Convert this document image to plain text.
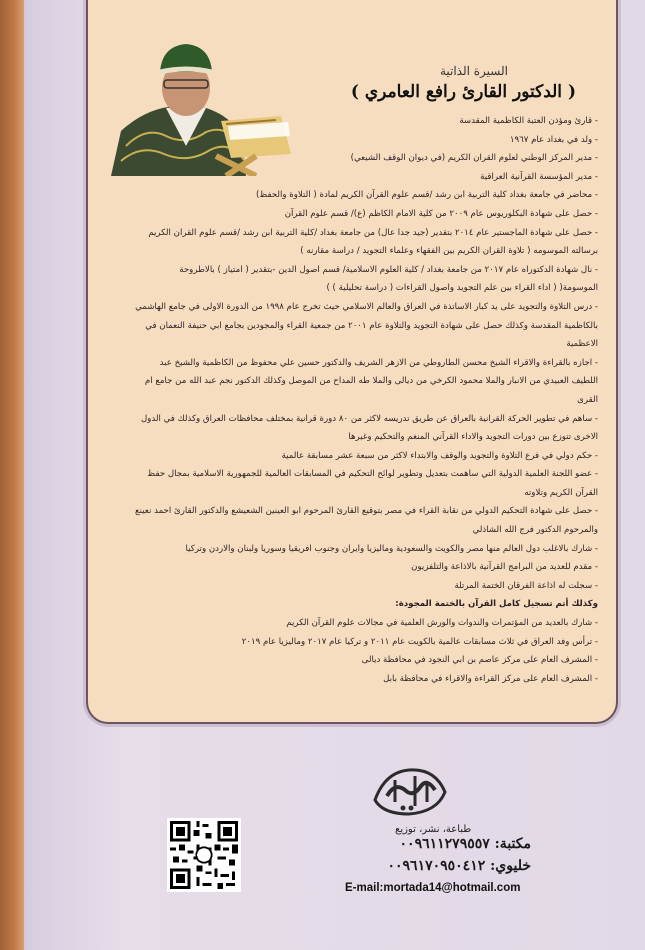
السيرة الذاتية
( الدكتور القارئ رافع العامري )
- قارئ ومؤذن العتبة الكاظمية المقدسة
- ولد في بغداد عام ١٩٦٧
- مدير المركز الوطني لعلوم القران الكريم (في ديوان الوقف الشيعي)
- مدير المؤسسة القرآنية العراقية
- محاضر في جامعة بغداد كلية التربية ابن رشد /قسم علوم القرآن الكريم لمادة ( التلاوة والحفظ)
- حصل على شهادة البكلوريوس عام ٢٠٠٩ من كلية الامام الكاظم (ع)/ قسم علوم القرآن
- حصل على شهادة الماجستير عام ٢٠١٤ بتقدير (جيد جدا عال) من جامعة بغداد /كلية التربية ابن رشد /قسم علوم القران الكريم
برسالته الموسومه ( تلاوة القران الكريم بين الفقهاء وعلماء التجويد / دراسة مقارنه )
- نال شهادة الدكتوراه عام ٢٠١٧ من جامعة بغداد / كلية العلوم الاسلامية/ قسم اصول الدين -بتقدير ( امتياز ) بالاطروحة
الموسومة( ( اداء القراء بين علم التجويد واصول القراءات ( دراسة تحليلية ) )
- درس التلاوة والتجويد على يد كبار الاساتذة في العراق والعالم الاسلامي حيث تخرج عام ١٩٩٨ من الدورة الاولى في جامع الهاشمي
بالكاظمية المقدسة وكذلك حصل على شهادة التجويد والتلاوة عام ٢٠٠١ من جمعية القراء والمجودين بجامع ابي حنيفة النعمان في
الاعظمية
- اجازه بالقراءة والاقراء الشيخ محسن الطاروطي من الازهر الشريف والدكتور حسين علي محفوظ من الكاظمية والشيخ عبد
اللطيف العبيدي من الانبار والملا محمود الكرخي من ديالى والملا طه المداح من الموصل وكذلك الدكتور نجم عبد الله من جامع ام
القرى
- ساهم في تطوير الحركة القرانية بالعراق عن طريق تدريسه لاكثر من ٨٠ دورة قرانية بمختلف محافظات العراق وكذلك في الدول
الاخرى تتوزع بين دورات التجويد والاداء القرآني المنغم والتحكيم وغيرها
- حكم دولي في فرع التلاوة والتجويد والوقف والابتداء لاكثر من سبعة عشر مسابقة عالمية
- عضو اللجنة العلمية الدولية التي ساهمت بتعديل وتطوير لوائح التحكيم في المسابقات العالمية للجمهورية الاسلامية بمجال حفظ
القرآن الكريم وتلاوته
- حصل على شهادة التحكيم الدولي من نقابة القراء في مصر بتوقيع القارئ المرحوم ابو العينين الشعيشع والدكتور القارئ احمد نعينع
والمرحوم الدكتور فرج الله الشاذلي
- شارك بالاغلب دول العالم منها مصر والكويت والسعودية وماليزيا وايران وجنوب افريقيا وسوريا ولبنان والاردن وتركيا
- مقدم للعديد من البرامج القرآنية بالاذاعة والتلفزيون
- سجلت له اذاعة الفرقان الختمة المرتلة
وكذلك أتم تسجيل كامل القرآن بالختمة المجودة:
- شارك بالعديد من المؤتمرات والندوات والورش العلمية في مجالات علوم القرآن الكريم
- ترأس وفد العراق في ثلاث مسابقات عالمية بالكويت عام ٢٠١١ و تركيا عام ٢٠١٧ وماليزيا عام ٢٠١٩
- المشرف العام على مركز عاصم بن ابي النجود في محافظة ديالى
- المشرف العام على مركز القراءة والاقراء في محافظة بابل
طباعة، نشر، توزيع
مكتبة: ٠٠٩٦١١٢٧٩٥٥٧
خليوي: ٠٠٩٦١٧٠٩٥٠٤١٢
E-mail:mortada14@hotmail.com
